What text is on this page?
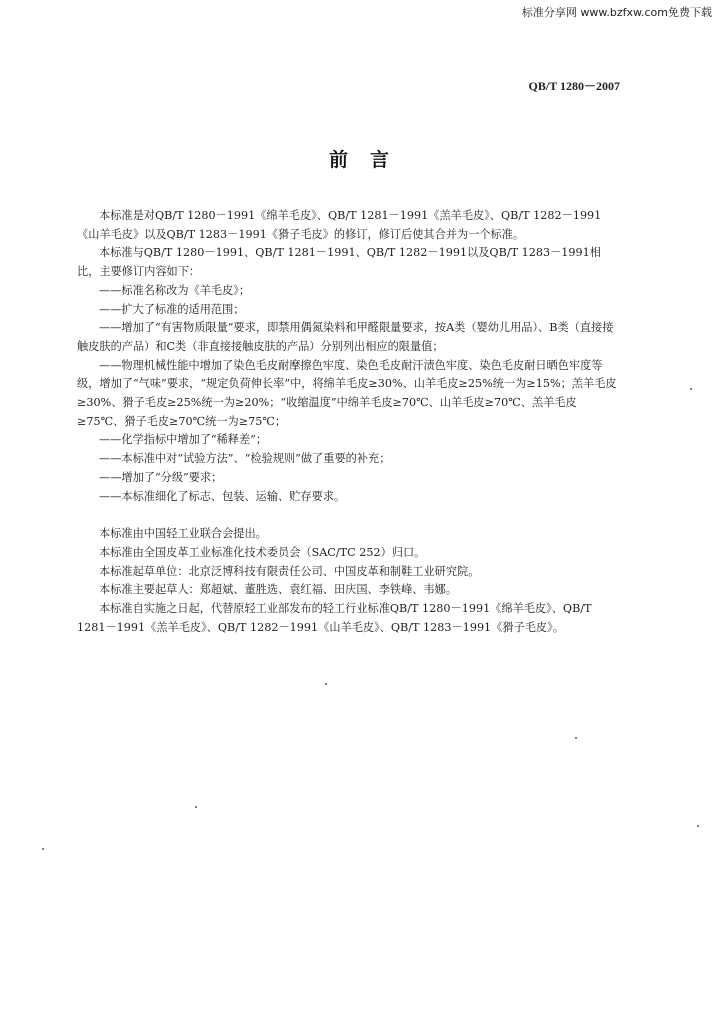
标准分享网 www.bzfxw.com免费下载
QB/T 1280－2007
前言

本标准是对QB/T 1280－1991《绵羊毛皮》、QB/T 1281－1991《羔羊毛皮》、QB/T 1282－1991《山羊毛皮》以及QB/T 1283－1991《猾子毛皮》的修订，修订后使其合并为一个标准。

本标准与QB/T 1280－1991、QB/T 1281－1991、QB/T 1282－1991以及QB/T 1283－1991相比，主要修订内容如下：

——标准名称改为《羊毛皮》；

——扩大了标准的适用范围；

——增加了“有害物质限量”要求，即禁用偶氮染料和甲醛限量要求，按A类（婴幼儿用品）、B类（直接接触皮肤的产品）和C类（非直接接触皮肤的产品）分别列出相应的限量值；

——物理机械性能中增加了染色毛皮耐摩擦色牢度、染色毛皮耐汗渍色牢度、染色毛皮耐日晒色牢度等级，增加了“气味”要求，“规定负荷伸长率”中，将绵羊毛皮≥30%、山羊毛皮≥25%统一为≥15%；羔羊毛皮≥30%、猾子毛皮≥25%统一为≥20%；“收缩温度”中绵羊毛皮≥70℃、山羊毛皮≥70℃、羔羊毛皮≥75℃、猾子毛皮≥70℃统一为≥75℃；

——化学指标中增加了“稀释差”；

——本标准中对“试验方法”、“检验规则”做了重要的补充；

——增加了“分级”要求；

——本标准细化了标志、包装、运输、贮存要求。

本标准由中国轻工业联合会提出。

本标准由全国皮革工业标准化技术委员会（SAC/TC 252）归口。

本标准起草单位：北京泛博科技有限责任公司、中国皮革和制鞋工业研究院。

本标准主要起草人：郑超斌、董胜选、袁红福、田庆国、李铁峰、韦娜。

本标准自实施之日起，代替原轻工业部发布的轻工行业标准QB/T 1280－1991《绵羊毛皮》、QB/T 1281－1991《羔羊毛皮》、QB/T 1282－1991《山羊毛皮》、QB/T 1283－1991《猾子毛皮》。
